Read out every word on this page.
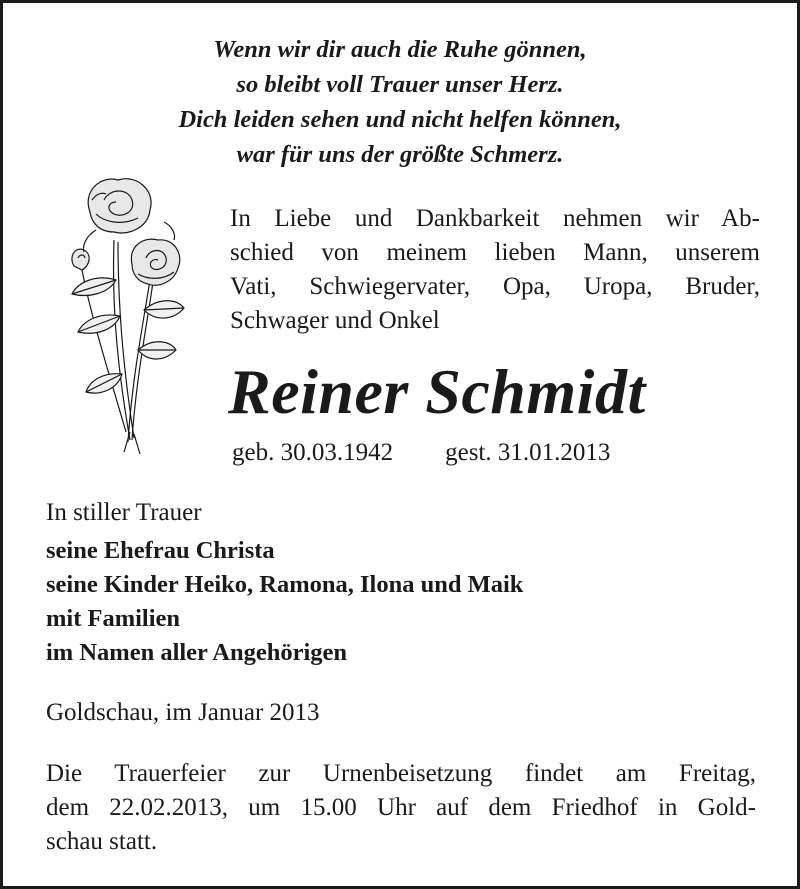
Wenn wir dir auch die Ruhe gönnen,
so bleibt voll Trauer unser Herz.
Dich leiden sehen und nicht helfen können,
war für uns der größte Schmerz.
In Liebe und Dankbarkeit nehmen wir Ab-
schied von meinem lieben Mann, unserem
Vati, Schwiegervater, Opa, Uropa, Bruder,
Schwager und Onkel
Reiner Schmidt
geb. 30.03.1942 gest. 31.01.2013
In stiller Trauer
seine Ehefrau Christa
seine Kinder Heiko, Ramona, Ilona und Maik
mit Familien
im Namen aller Angehörigen
Goldschau, im Januar 2013
Die Trauerfeier zur Urnenbeisetzung findet am Freitag,
dem 22.02.2013, um 15.00 Uhr auf dem Friedhof in Gold-
schau statt.
